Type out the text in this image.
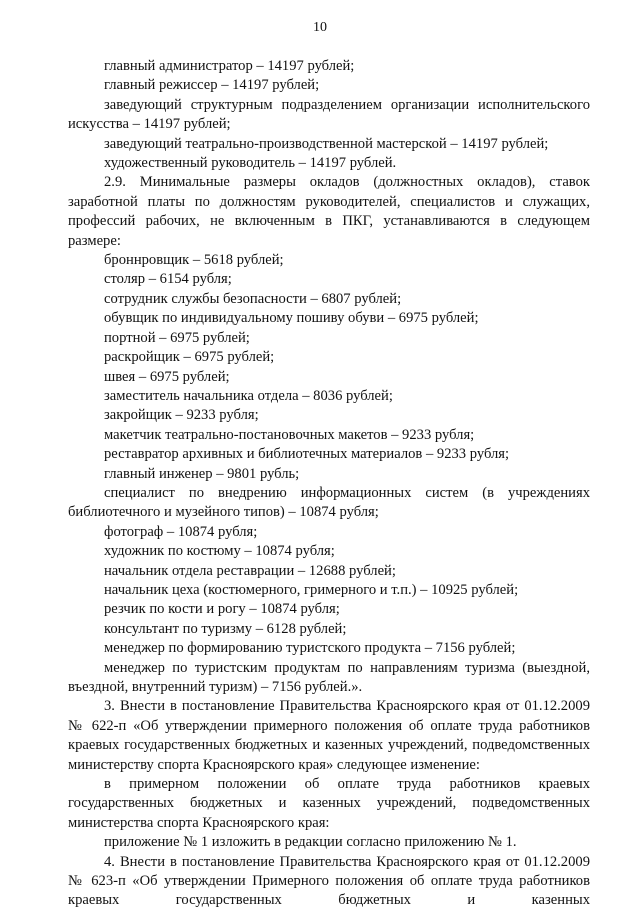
10
главный администратор – 14197 рублей;
главный режиссер – 14197 рублей;
заведующий структурным подразделением организации исполнительского искусства – 14197 рублей;
заведующий театрально-производственной мастерской – 14197 рублей;
художественный руководитель – 14197 рублей.
2.9. Минимальные размеры окладов (должностных окладов), ставок заработной платы по должностям руководителей, специалистов и служащих, профессий рабочих, не включенным в ПКГ, устанавливаются в следующем размере:
броннровщик – 5618 рублей;
столяр – 6154 рубля;
сотрудник службы безопасности – 6807 рублей;
обувщик по индивидуальному пошиву обуви – 6975 рублей;
портной – 6975 рублей;
раскройщик – 6975 рублей;
швея – 6975 рублей;
заместитель начальника отдела – 8036 рублей;
закройщик – 9233 рубля;
макетчик театрально-постановочных макетов – 9233 рубля;
реставратор архивных и библиотечных материалов – 9233 рубля;
главный инженер – 9801 рубль;
специалист по внедрению информационных систем (в учреждениях библиотечного и музейного типов) – 10874 рубля;
фотограф – 10874 рубля;
художник по костюму – 10874 рубля;
начальник отдела реставрации – 12688 рублей;
начальник цеха (костюмерного, гримерного и т.п.) – 10925 рублей;
резчик по кости и рогу – 10874 рубля;
консультант по туризму – 6128 рублей;
менеджер по формированию туристского продукта – 7156 рублей;
менеджер по туристским продуктам по направлениям туризма (выездной, въездной, внутренний туризм) – 7156 рублей.».
3. Внести в постановление Правительства Красноярского края от 01.12.2009 № 622-п «Об утверждении примерного положения об оплате труда работников краевых государственных бюджетных и казенных учреждений, подведомственных министерству спорта Красноярского края» следующее изменение:
в примерном положении об оплате труда работников краевых государственных бюджетных и казенных учреждений, подведомственных министерства спорта Красноярского края:
приложение № 1 изложить в редакции согласно приложению № 1.
4. Внести в постановление Правительства Красноярского края от 01.12.2009 № 623-п «Об утверждении Примерного положения об оплате труда работников краевых государственных бюджетных и казенных
